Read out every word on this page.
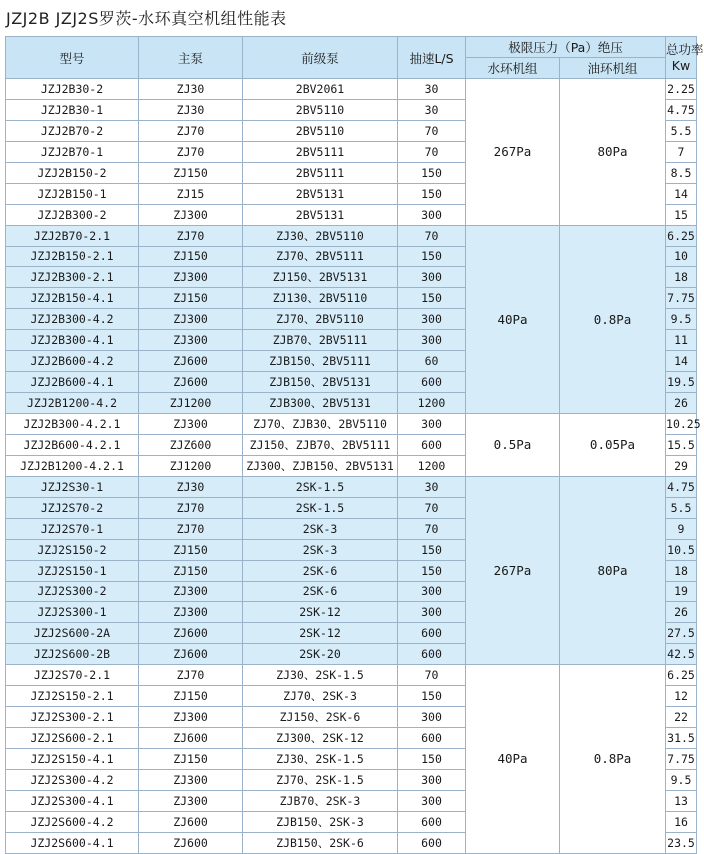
JZJ2B JZJ2S罗茨-水环真空机组性能表
型号	主泵	前级泵	抽速L/S	极限压力（Pa）绝压		总功率
Kw

				水环机组	油环机组	
JZJ2B30-2	ZJ30	2BV2061	30	267Pa	80Pa	2.25
JZJ2B30-1	ZJ30	2BV5110	30			4.75
JZJ2B70-2	ZJ70	2BV5110	70			5.5
JZJ2B70-1	ZJ70	2BV5111	70			7
JZJ2B150-2	ZJ150	2BV5111	150			8.5
JZJ2B150-1	ZJ15	2BV5131	150			14
JZJ2B300-2	ZJ300	2BV5131	300			15
JZJ2B70-2.1	ZJ70	ZJ30、2BV5110	70	40Pa	0.8Pa	6.25
JZJ2B150-2.1	ZJ150	ZJ70、2BV5111	150			10
JZJ2B300-2.1	ZJ300	ZJ150、2BV5131	300			18
JZJ2B150-4.1	ZJ150	ZJ130、2BV5110	150			7.75
JZJ2B300-4.2	ZJ300	ZJ70、2BV5110	300			9.5
JZJ2B300-4.1	ZJ300	ZJB70、2BV5111	300			11
JZJ2B600-4.2	ZJ600	ZJB150、2BV5111	60			14
JZJ2B600-4.1	ZJ600	ZJB150、2BV5131	600			19.5
JZJ2B1200-4.2	ZJ1200	ZJB300、2BV5131	1200			26
JZJ2B300-4.2.1	ZJ300	ZJ70、ZJB30、2BV5110	300	0.5Pa	0.05Pa	10.25
JZJ2B600-4.2.1	ZJZ600	ZJ150、ZJB70、2BV5111	600			15.5
JZJ2B1200-4.2.1	ZJ1200	ZJ300、ZJB150、2BV5131	1200			29
JZJ2S30-1	ZJ30	2SK-1.5	30	267Pa	80Pa	4.75
JZJ2S70-2	ZJ70	2SK-1.5	70			5.5
JZJ2S70-1	ZJ70	2SK-3	70			9
JZJ2S150-2	ZJ150	2SK-3	150			10.5
JZJ2S150-1	ZJ150	2SK-6	150			18
JZJ2S300-2	ZJ300	2SK-6	300			19
JZJ2S300-1	ZJ300	2SK-12	300			26
JZJ2S600-2A	ZJ600	2SK-12	600			27.5
JZJ2S600-2B	ZJ600	2SK-20	600			42.5
JZJ2S70-2.1	ZJ70	ZJ30、2SK-1.5	70	40Pa	0.8Pa	6.25
JZJ2S150-2.1	ZJ150	ZJ70、2SK-3	150			12
JZJ2S300-2.1	ZJ300	ZJ150、2SK-6	300			22
JZJ2S600-2.1	ZJ600	ZJ300、2SK-12	600			31.5
JZJ2S150-4.1	ZJ150	ZJ30、2SK-1.5	150			7.75
JZJ2S300-4.2	ZJ300	ZJ70、2SK-1.5	300			9.5
JZJ2S300-4.1	ZJ300	ZJB70、2SK-3	300			13
JZJ2S600-4.2	ZJ600	ZJB150、2SK-3	600			16
JZJ2S600-4.1	ZJ600	ZJB150、2SK-6	600			23.5
